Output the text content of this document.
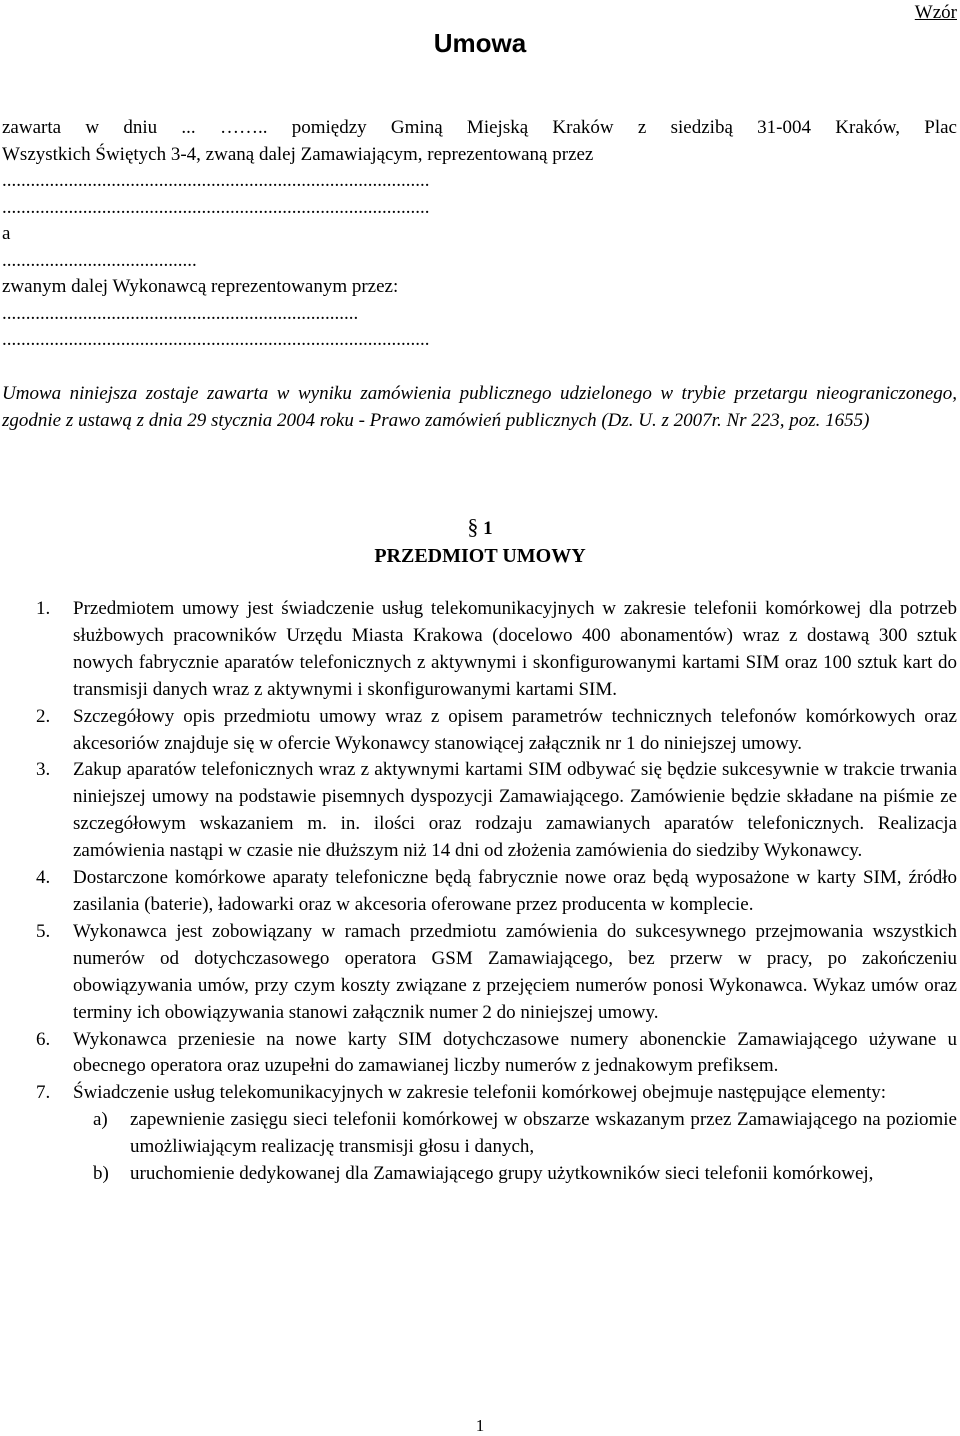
Wzór
Umowa
zawarta w dniu ... …….. pomiędzy Gminą Miejską Kraków z siedzibą 31-004 Kraków, Plac
Wszystkich Świętych 3-4, zwaną dalej Zamawiającym, reprezentowaną przez
..........................................................................................
..........................................................................................
a
.........................................
zwanym dalej Wykonawcą reprezentowanym przez:
...........................................................................
..........................................................................................
Umowa niniejsza zostaje zawarta w wyniku zamówienia publicznego udzielonego w trybie przetargu nieograniczonego, zgodnie z ustawą z dnia 29 stycznia 2004 roku - Prawo zamówień publicznych (Dz. U. z 2007r. Nr 223, poz. 1655)
§ 1
PRZEDMIOT UMOWY
1. Przedmiotem umowy jest świadczenie usług telekomunikacyjnych w zakresie telefonii komórkowej dla potrzeb służbowych pracowników Urzędu Miasta Krakowa (docelowo 400 abonamentów) wraz z dostawą 300 sztuk nowych fabrycznie aparatów telefonicznych z aktywnymi i skonfigurowanymi kartami SIM oraz 100 sztuk kart do transmisji danych wraz z aktywnymi i skonfigurowanymi kartami SIM.
2. Szczegółowy opis przedmiotu umowy wraz z opisem parametrów technicznych telefonów komórkowych oraz akcesoriów znajduje się w ofercie Wykonawcy stanowiącej załącznik nr 1 do niniejszej umowy.
3. Zakup aparatów telefonicznych wraz z aktywnymi kartami SIM odbywać się będzie sukcesywnie w trakcie trwania niniejszej umowy na podstawie pisemnych dyspozycji Zamawiającego. Zamówienie będzie składane na piśmie ze szczegółowym wskazaniem m. in. ilości oraz rodzaju zamawianych aparatów telefonicznych. Realizacja zamówienia nastąpi w czasie nie dłuższym niż 14 dni od złożenia zamówienia do siedziby Wykonawcy.
4. Dostarczone komórkowe aparaty telefoniczne będą fabrycznie nowe oraz będą wyposażone w karty SIM, źródło zasilania (baterie), ładowarki oraz w akcesoria oferowane przez producenta w komplecie.
5. Wykonawca jest zobowiązany w ramach przedmiotu zamówienia do sukcesywnego przejmowania wszystkich numerów od dotychczasowego operatora GSM Zamawiającego, bez przerw w pracy, po zakończeniu obowiązywania umów, przy czym koszty związane z przejęciem numerów ponosi Wykonawca. Wykaz umów oraz terminy ich obowiązywania stanowi załącznik numer 2 do niniejszej umowy.
6. Wykonawca przeniesie na nowe karty SIM dotychczasowe numery abonenckie Zamawiającego używane u obecnego operatora oraz uzupełni do zamawianej liczby numerów z jednakowym prefiksem.
7. Świadczenie usług telekomunikacyjnych w zakresie telefonii komórkowej obejmuje następujące elementy:
a) zapewnienie zasięgu sieci telefonii komórkowej w obszarze wskazanym przez Zamawiającego na poziomie umożliwiającym realizację transmisji głosu i danych,
b) uruchomienie dedykowanej dla Zamawiającego grupy użytkowników sieci telefonii komórkowej,
1
